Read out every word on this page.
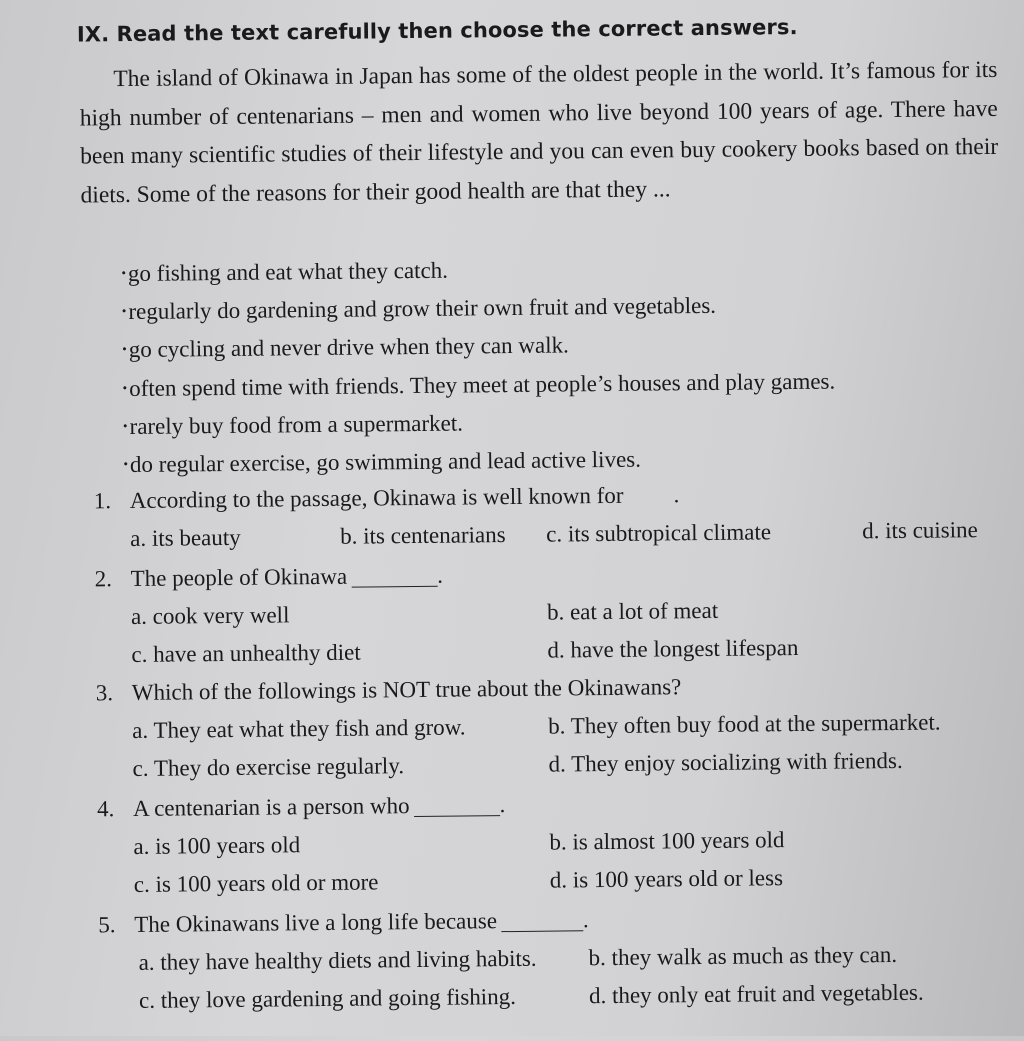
IX. Read the text carefully then choose the correct answers.

The island of Okinawa in Japan has some of the oldest people in the world. It’s famous for its high number of centenarians – men and women who live beyond 100 years of age. There have been many scientific studies of their lifestyle and you can even buy cookery books based on their diets. Some of the reasons for their good health are that they ...

•go fishing and eat what they catch.
•regularly do gardening and grow their own fruit and vegetables.
•go cycling and never drive when they can walk.
•often spend time with friends. They meet at people’s houses and play games.
•rarely buy food from a supermarket.
•do regular exercise, go swimming and lead active lives.
1. According to the passage, Okinawa is well known for .
a. its beauty	b. its centenarians c. its subtropical climate	d. its cuisine
2. The people of Okinawa	.
a. cook very well	b. eat a lot of meat
c. have an unhealthy diet	d. have the longest lifespan
3. Which of the followings is NOT true about the Okinawans?
a. They eat what they fish and grow.	b. They often buy food at the supermarket.
c. They do exercise regularly.	d. They enjoy socializing with friends.
4. A centenarian is a person who	.
a. is 100 years old	b. is almost 100 years old
c. is 100 years old or more	d. is 100 years old or less
5. The Okinawans live a long life because	.
a. they have healthy diets and living habits. b. they walk as much as they can.
c. they love gardening and going fishing.	d. they only eat fruit and vegetables.
